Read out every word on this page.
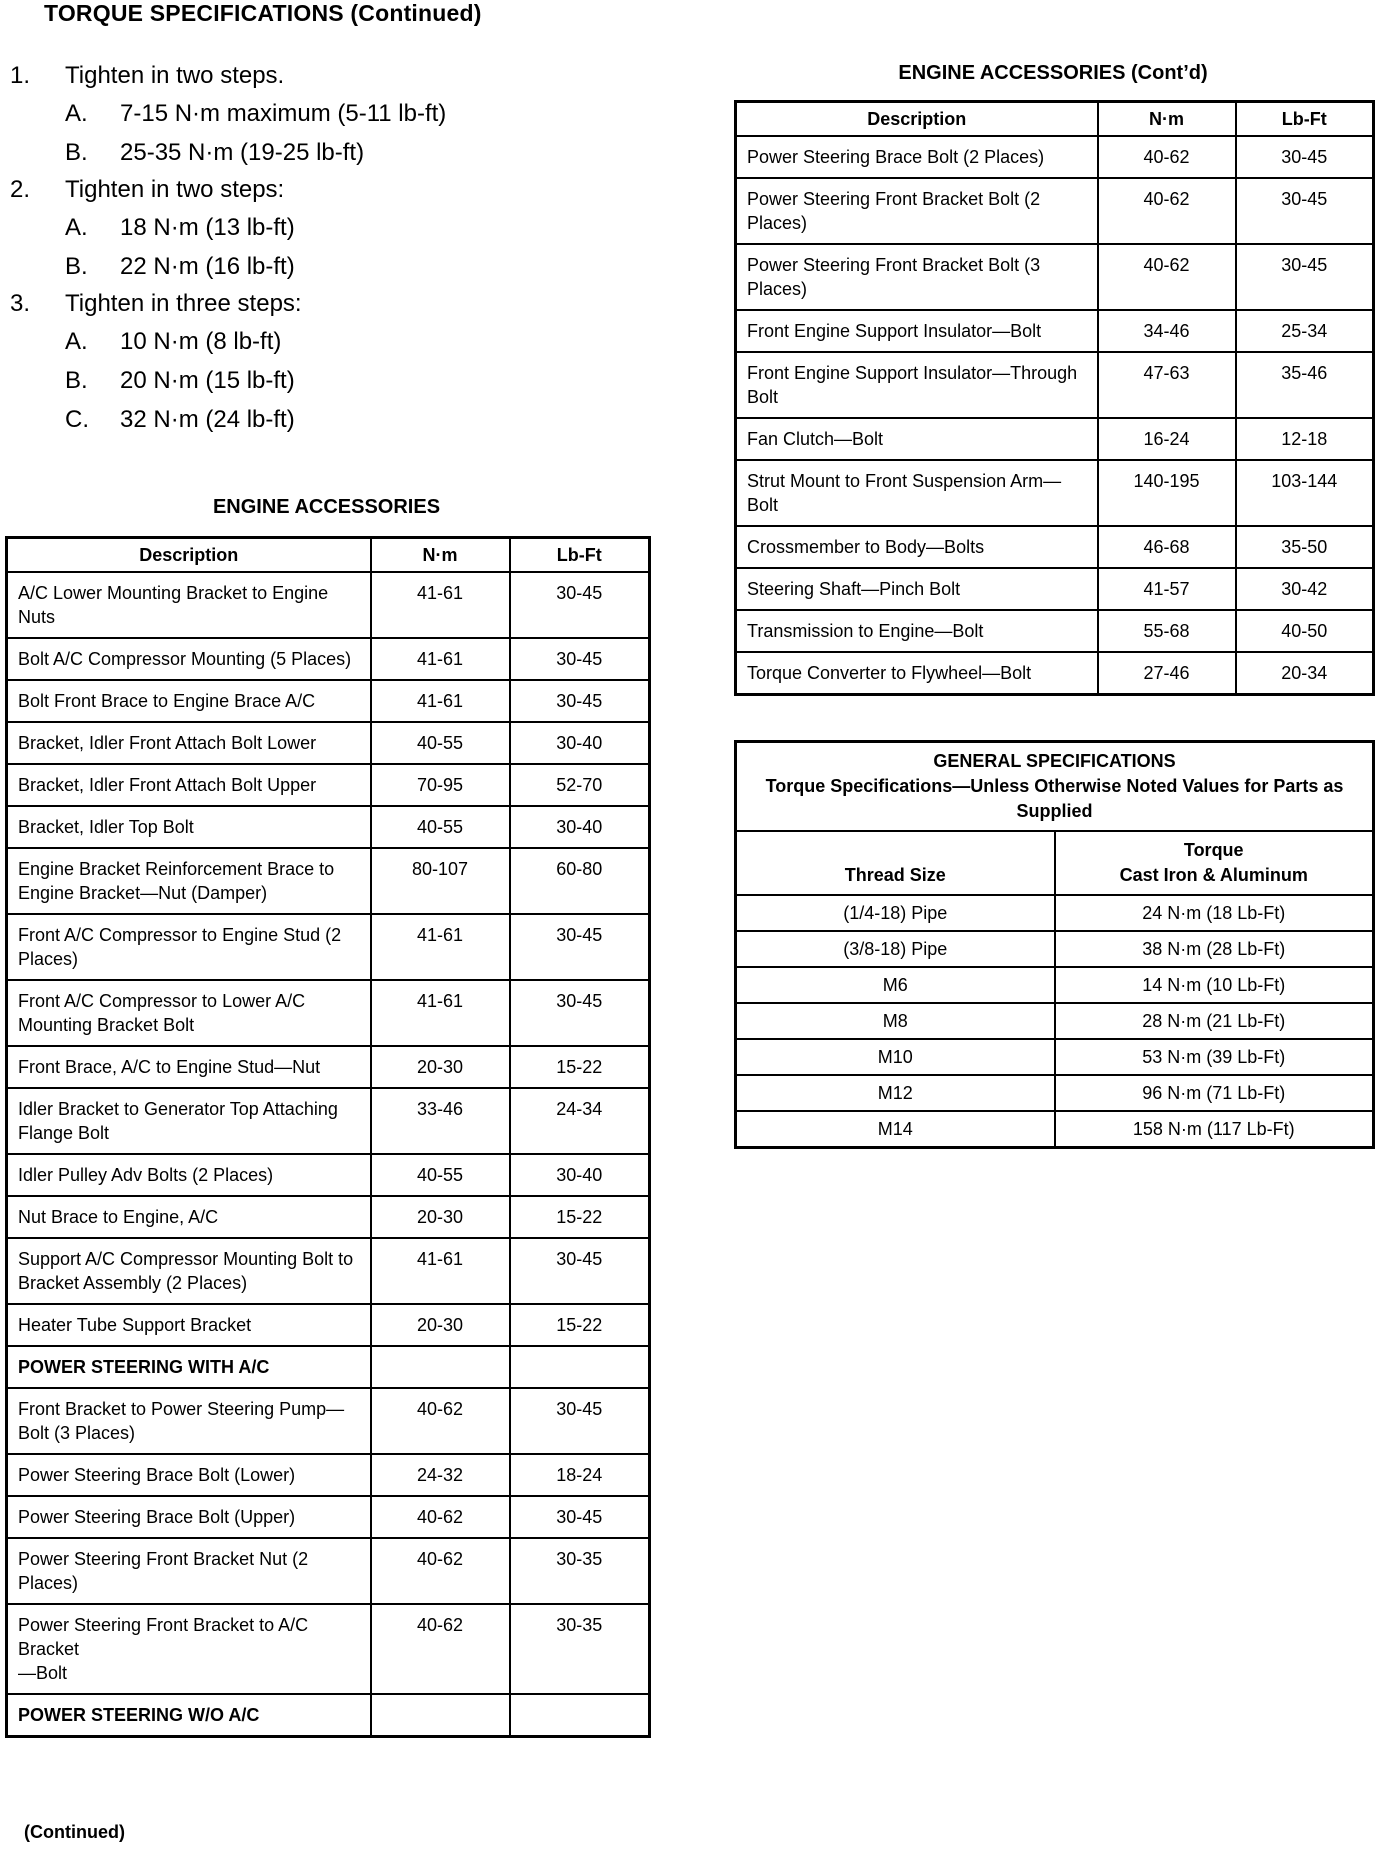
TORQUE SPECIFICATIONS (Continued)
1. Tighten in two steps.
A. 7-15 N·m maximum (5-11 lb-ft)
B. 25-35 N·m (19-25 lb-ft)
2. Tighten in two steps:
A. 18 N·m (13 lb-ft)
B. 22 N·m (16 lb-ft)
3. Tighten in three steps:
A. 10 N·m (8 lb-ft)
B. 20 N·m (15 lb-ft)
C. 32 N·m (24 lb-ft)
ENGINE ACCESSORIES
Description	N·m	Lb-Ft
A/C Lower Mounting Bracket to Engine Nuts	41-61	30-45
Bolt A/C Compressor Mounting (5 Places)	41-61	30-45
Bolt Front Brace to Engine Brace A/C	41-61	30-45
Bracket, Idler Front Attach Bolt Lower	40-55	30-40
Bracket, Idler Front Attach Bolt Upper	70-95	52-70
Bracket, Idler Top Bolt	40-55	30-40
Engine Bracket Reinforcement Brace to Engine Bracket—Nut (Damper)	80-107	60-80
Front A/C Compressor to Engine Stud (2 Places)	41-61	30-45
Front A/C Compressor to Lower A/C Mounting Bracket Bolt	41-61	30-45
Front Brace, A/C to Engine Stud—Nut	20-30	15-22
Idler Bracket to Generator Top Attaching Flange Bolt	33-46	24-34
Idler Pulley Adv Bolts (2 Places)	40-55	30-40
Nut Brace to Engine, A/C	20-30	15-22
Support A/C Compressor Mounting Bolt to Bracket Assembly (2 Places)	41-61	30-45
Heater Tube Support Bracket	20-30	15-22
POWER STEERING WITH A/C		
Front Bracket to Power Steering Pump—
Bolt (3 Places)	40-62	30-45
Power Steering Brace Bolt (Lower)	24-32	18-24
Power Steering Brace Bolt (Upper)	40-62	30-45
Power Steering Front Bracket Nut (2 Places)	40-62	30-35
Power Steering Front Bracket to A/C Bracket
—Bolt	40-62	30-35
POWER STEERING W/O A/C		
ENGINE ACCESSORIES (Cont’d)
Description	N·m	Lb-Ft
Power Steering Brace Bolt (2 Places)	40-62	30-45
Power Steering Front Bracket Bolt (2 Places)	40-62	30-45
Power Steering Front Bracket Bolt (3 Places)	40-62	30-45
Front Engine Support Insulator—Bolt	34-46	25-34
Front Engine Support Insulator—Through Bolt	47-63	35-46
Fan Clutch—Bolt	16-24	12-18
Strut Mount to Front Suspension Arm—Bolt	140-195	103-144
Crossmember to Body—Bolts	46-68	35-50
Steering Shaft—Pinch Bolt	41-57	30-42
Transmission to Engine—Bolt	55-68	40-50
Torque Converter to Flywheel—Bolt	27-46	20-34
GENERAL SPECIFICATIONS
Torque Specifications—Unless Otherwise Noted Values for Parts as Supplied	

Thread Size	Torque
Cast Iron & Aluminum

(1/4-18) Pipe	24 N·m (18 Lb-Ft)
(3/8-18) Pipe	38 N·m (28 Lb-Ft)
M6	14 N·m (10 Lb-Ft)
M8	28 N·m (21 Lb-Ft)
M10	53 N·m (39 Lb-Ft)
M12	96 N·m (71 Lb-Ft)
M14	158 N·m (117 Lb-Ft)
(Continued)
